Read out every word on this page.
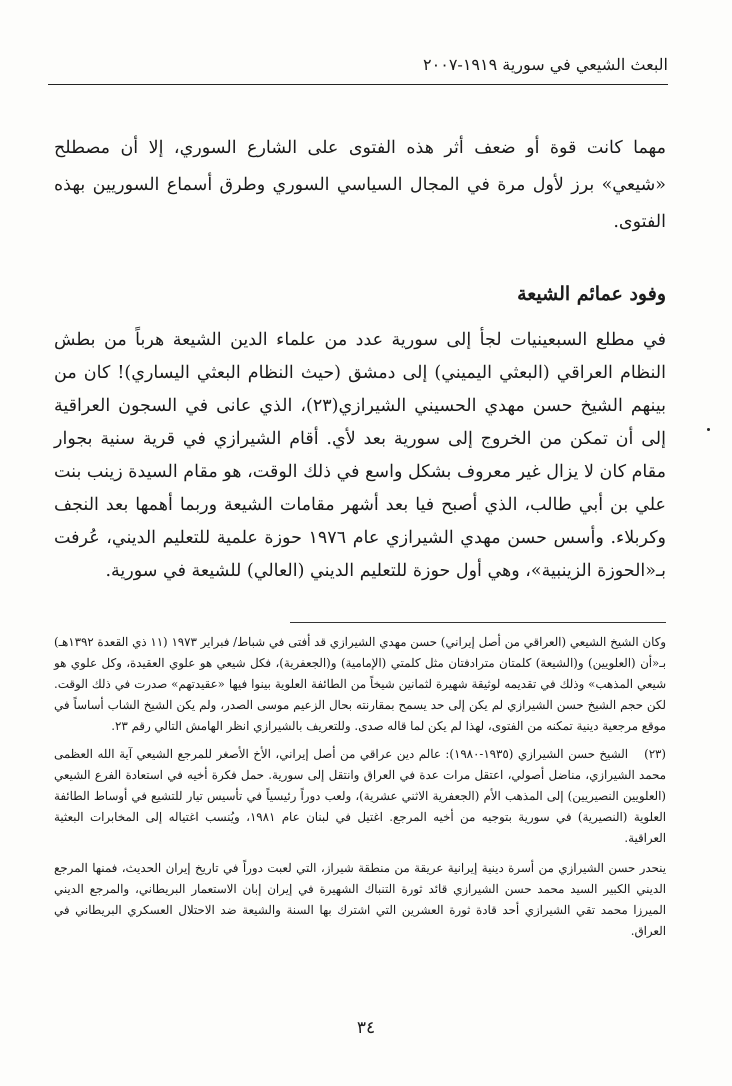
البعث الشيعي في سورية ١٩١٩-٢٠٠٧
مهما كانت قوة أو ضعف أثر هذه الفتوى على الشارع السوري، إلا أن مصطلح «شيعي» برز لأول مرة في المجال السياسي السوري وطرق أسماع السوريين بهذه الفتوى.
وفود عمائم الشيعة
في مطلع السبعينيات لجأ إلى سورية عدد من علماء الدين الشيعة هرباً من بطش النظام العراقي (البعثي اليميني) إلى دمشق (حيث النظام البعثي اليساري)! كان من بينهم الشيخ حسن مهدي الحسيني الشيرازي(٢٣)، الذي عانى في السجون العراقية إلى أن تمكن من الخروج إلى سورية بعد لأي. أقام الشيرازي في قرية سنية بجوار مقام كان لا يزال غير معروف بشكل واسع في ذلك الوقت، هو مقام السيدة زينب بنت علي بن أبي طالب، الذي أصبح فيا بعد أشهر مقامات الشيعة وربما أهمها بعد النجف وكربلاء. وأسس حسن مهدي الشيرازي عام ١٩٧٦ حوزة علمية للتعليم الديني، عُرفت بـ«الحوزة الزينبية»، وهي أول حوزة للتعليم الديني (العالي) للشيعة في سورية.
وكان الشيخ الشيعي (العراقي من أصل إيراني) حسن مهدي الشيرازي قد أفتى في شباط/ فبراير ١٩٧٣ (١١ ذي القعدة ١٣٩٢هـ) بـ«أن (العلويين) و(الشيعة) كلمتان مترادفتان مثل كلمتي (الإمامية) و(الجعفرية)، فكل شيعي هو علوي العقيدة، وكل علوي هو شيعي المذهب» وذلك في تقديمه لوثيقة شهيرة لثمانين شيخاً من الطائفة العلوية بينوا فيها «عقيدتهم» صدرت في ذلك الوقت. لكن حجم الشيخ حسن الشيرازي لم يكن إلى حد يسمح بمقارنته بحال الزعيم موسى الصدر، ولم يكن الشيخ الشاب أساساً في موقع مرجعية دينية تمكنه من الفتوى، لهذا لم يكن لما قاله صدى. وللتعريف بالشيرازي انظر الهامش التالي رقم ٢٣.
(٢٣)الشيخ حسن الشيرازي (١٩٣٥-١٩٨٠): عالم دين عراقي من أصل إيراني، الأخ الأصغر للمرجع الشيعي آية الله العظمى محمد الشيرازي، مناضل أصولي، اعتقل مرات عدة في العراق وانتقل إلى سورية. حمل فكرة أخيه في استعادة الفرع الشيعي (العلويين النصيريين) إلى المذهب الأم (الجعفرية الاثني عشرية)، ولعب دوراً رئيسياً في تأسيس تيار للتشيع في أوساط الطائفة العلوية (النصيرية) في سورية بتوجيه من أخيه المرجع. اغتيل في لبنان عام ١٩٨١، ويُنسب اغتياله إلى المخابرات البعثية العراقية.
ينحدر حسن الشيرازي من أسرة دينية إيرانية عريقة من منطقة شيراز، التي لعبت دوراً في تاريخ إيران الحديث، فمنها المرجع الديني الكبير السيد محمد حسن الشيرازي قائد ثورة التنباك الشهيرة في إيران إبان الاستعمار البريطاني، والمرجع الديني الميرزا محمد تقي الشيرازي أحد قادة ثورة العشرين التي اشترك بها السنة والشيعة ضد الاحتلال العسكري البريطاني في العراق.
٣٤
